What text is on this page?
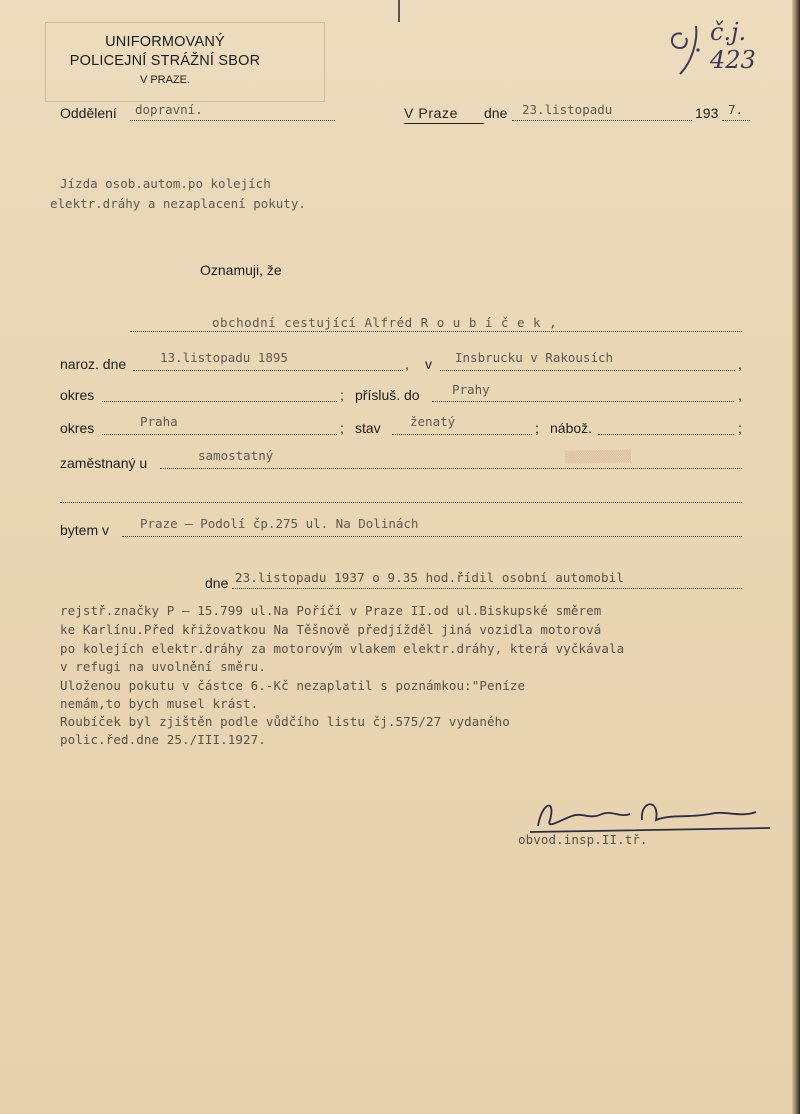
UNIFORMOVANÝ
POLICEJNÍ STRÁŽNÍ SBOR
V PRAZE.
č.j. 423
Oddělení dopravní.	V Praze dne 23.listopadu	193 7.
Jízda osob.autom.po kolejích
elektr.dráhy a nezaplacení pokuty.
Oznamuji, že
obchodní cestující Alfréd R o u b í č e k ,
naroz. dne	13.listopadu 1895	, v Insbrucku v Rakousích	,
okres	; přísluš. do	Prahy	,
okres	Praha	; stav ženatý	; nábož.	;
zaměstnaný u	samostatný	▒▒▒▒▒▒▒▒▒▒
bytem v Praze – Podolí čp.275 ul. Na Dolinách
dne 23.listopadu 1937 o 9.35 hod.řídil osobní automobil
rejstř.značky P – 15.799 ul.Na Poříčí v Praze II.od ul.Biskupské směrem
ke Karlínu.Před křižovatkou Na Těšnově předjížděl jiná vozidla motorová
po kolejích elektr.dráhy za motorovým vlakem elektr.dráhy, která vyčkávala
v refugi na uvolnění směru.
Uloženou pokutu v částce 6.-Kč nezaplatil s poznámkou:"Peníze
nemám,to bych musel krást.
Roubíček byl zjištěn podle vůdčího listu čj.575/27 vydaného
polic.řed.dne 25./III.1927.
obvod.insp.II.tř.
